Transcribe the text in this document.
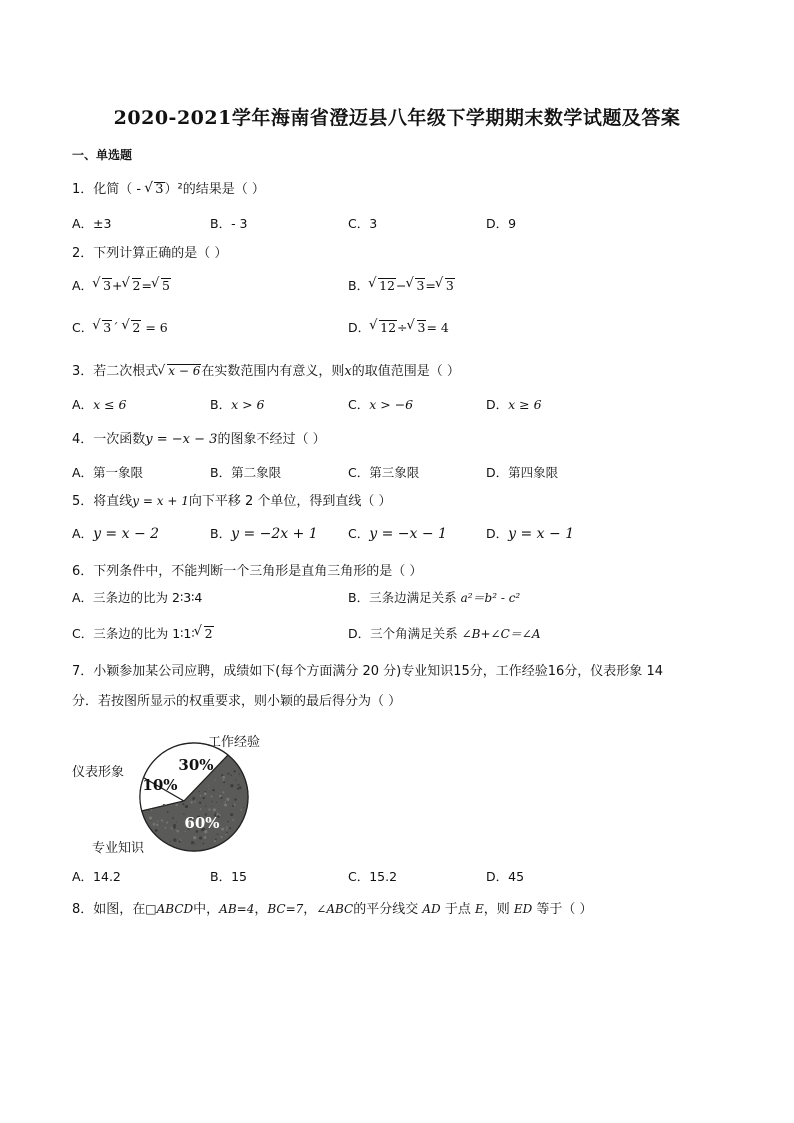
2020-2021学年海南省澄迈县八年级下学期期末数学试题及答案
一、单选题
1．化简（ - √ 3）²的结果是（ ）
A．±3	B．- 3	C．3	D．9
2．下列计算正确的是（ ）
A． √ 3+ √ 2= √ 5	B． √ 12− √ 3= √ 3
C． √ 3´ √ 2 = 6	D． √ 12÷ √ 3= 4
3．若二次根式 √ x − 6在实数范围内有意义，则x的取值范围是（ ）
A．x ≤ 6	B．x > 6	C．x > −6	D．x ≥ 6
4．一次函数y = −x − 3的图象不经过（ ）
A．第一象限	B．第二象限	C．第三象限	D．第四象限
5．将直线y = x + 1向下平移 2 个单位，得到直线（ ）
A．y = x − 2	B．y = −2x + 1 C．y = −x − 1	D．y = x − 1
6．下列条件中，不能判断一个三角形是直角三角形的是（ ）
A．三条边的比为 2∶3∶4	B．三条边满足关系 a²＝b² - c²
C．三条边的比为 1∶1∶ √ 2	D．三个角满足关系 ∠B+∠C＝∠A
7．小颖参加某公司应聘，成绩如下(每个方面满分 20 分)专业知识15分，工作经验16分，仪表形象 14
分．若按图所显示的权重要求，则小颖的最后得分为（ ）
30%
10%
60%
工作经验
仪表形象
专业知识
A．14.2	B．15	C．15.2	D．45
8．如图，在□ABCD中，AB=4，BC=7，∠ABC的平分线交 AD 于点 E，则 ED 等于（ ）
